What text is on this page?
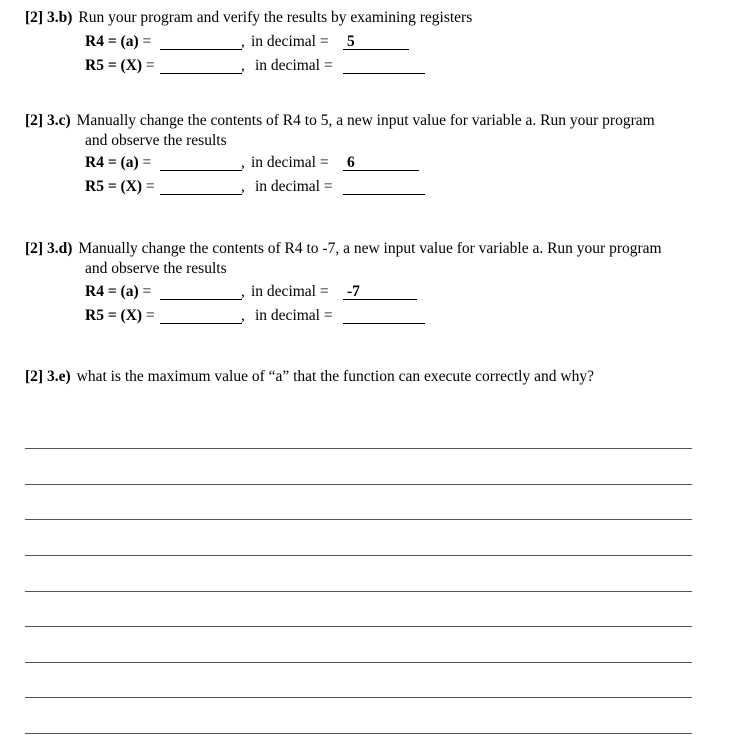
[2] 3.b) Run your program and verify the results by examining registers
R4 = (a) =	, in decimal = 5
R5 = (X) =	, in decimal =
[2] 3.c) Manually change the contents of R4 to 5, a new input value for variable a. Run your program
and observe the results
R4 = (a) =	, in decimal = 6
R5 = (X) =	, in decimal =
[2] 3.d) Manually change the contents of R4 to -7, a new input value for variable a. Run your program
and observe the results
R4 = (a) =	, in decimal = -7
R5 = (X) =	, in decimal =
[2] 3.e) what is the maximum value of “a” that the function can execute correctly and why?
